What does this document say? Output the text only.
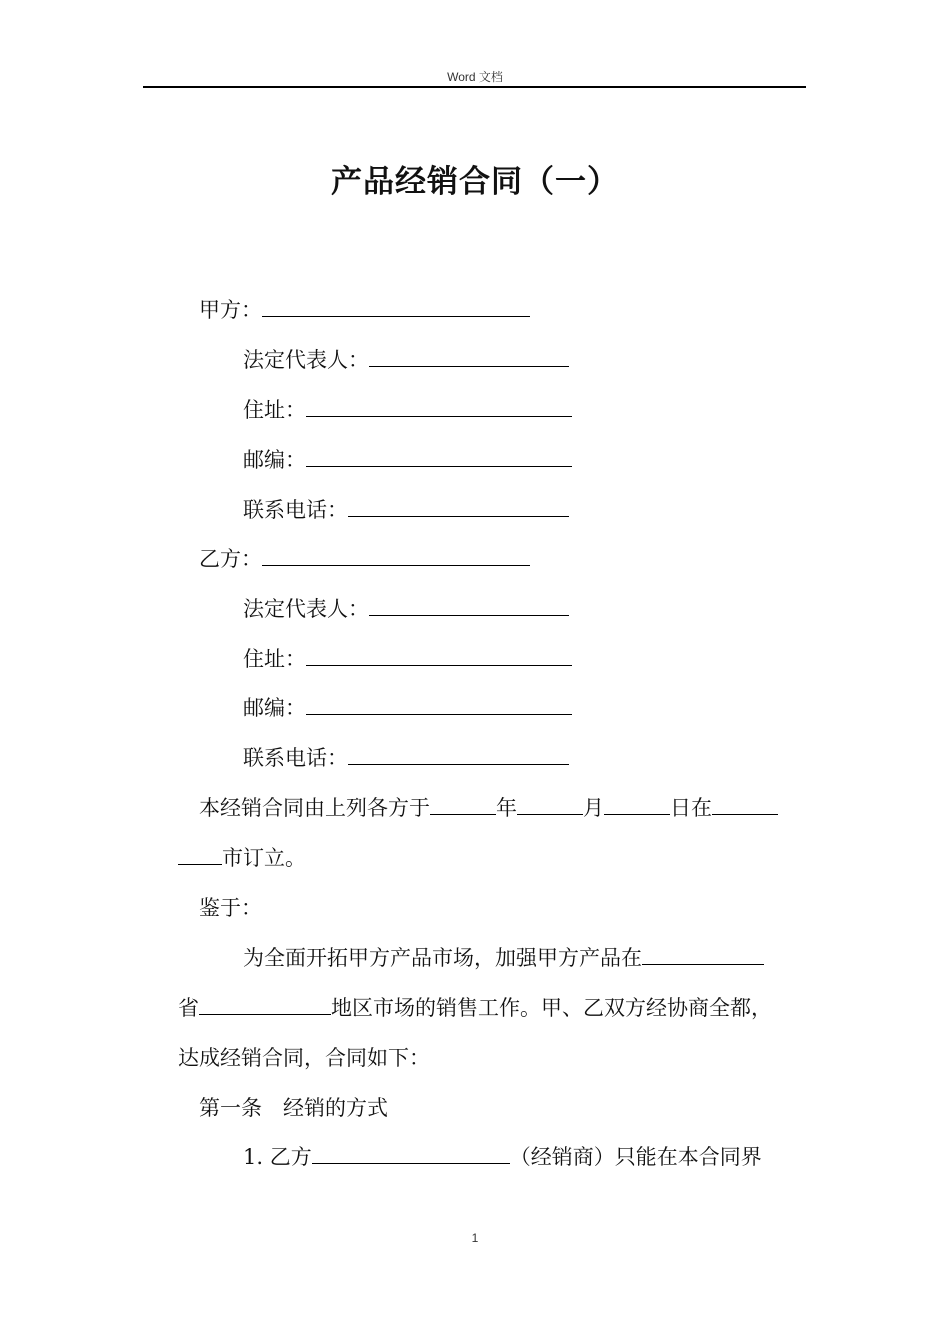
Word 文档
产品经销合同（一）
甲方：
法定代表人：
住址：
邮编：
联系电话：
乙方：
法定代表人：
住址：
邮编：
联系电话：
本经销合同由上列各方于	年	月	日在
市订立。
鉴于：
为全面开拓甲方产品市场，加强甲方产品在
省	地区市场的销售工作。甲、乙双方经协商全都，
达成经销合同，合同如下：
第一条　经销的方式
1. 乙方	（经销商）只能在本合同界
1
